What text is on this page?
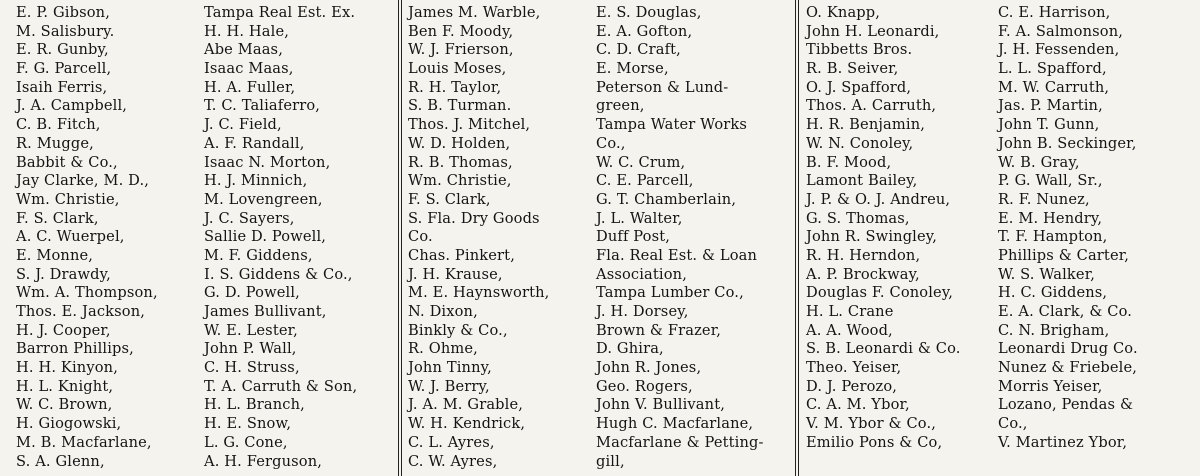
E. P. Gibson,
M. Salisbury.
E. R. Gunby,
F. G. Parcell,
Isaih Ferris,
J. A. Campbell,
C. B. Fitch,
R. Mugge,
Babbit & Co.,
Jay Clarke, M. D.,
Wm. Christie,
F. S. Clark,
A. C. Wuerpel,
E. Monne,
S. J. Drawdy,
Wm. A. Thompson,
Thos. E. Jackson,
H. J. Cooper,
Barron Phillips,
H. H. Kinyon,
H. L. Knight,
W. C. Brown,
H. Giogowski,
M. B. Macfarlane,
S. A. Glenn,
Tampa Real Est. Ex.
H. H. Hale,
Abe Maas,
Isaac Maas,
H. A. Fuller,
T. C. Taliaferro,
J. C. Field,
A. F. Randall,
Isaac N. Morton,
H. J. Minnich,
M. Lovengreen,
J. C. Sayers,
Sallie D. Powell,
M. F. Giddens,
I. S. Giddens & Co.,
G. D. Powell,
James Bullivant,
W. E. Lester,
John P. Wall,
C. H. Struss,
T. A. Carruth & Son,
H. L. Branch,
H. E. Snow,
L. G. Cone,
A. H. Ferguson,
James M. Warble,
Ben F. Moody,
W. J. Frierson,
Louis Moses,
R. H. Taylor,
S. B. Turman.
Thos. J. Mitchel,
W. D. Holden,
R. B. Thomas,
Wm. Christie,
F. S. Clark,
S. Fla. Dry Goods
Co.
Chas. Pinkert,
J. H. Krause,
M. E. Haynsworth,
N. Dixon,
Binkly & Co.,
R. Ohme,
John Tinny,
W. J. Berry,
J. A. M. Grable,
W. H. Kendrick,
C. L. Ayres,
C. W. Ayres,
E. S. Douglas,
E. A. Gofton,
C. D. Craft,
E. Morse,
Peterson & Lund-
green,
Tampa Water Works
Co.,
W. C. Crum,
C. E. Parcell,
G. T. Chamberlain,
J. L. Walter,
Duff Post,
Fla. Real Est. & Loan
Association,
Tampa Lumber Co.,
J. H. Dorsey,
Brown & Frazer,
D. Ghira,
John R. Jones,
Geo. Rogers,
John V. Bullivant,
Hugh C. Macfarlane,
Macfarlane & Petting-
gill,
O. Knapp,
John H. Leonardi,
Tibbetts Bros.
R. B. Seiver,
O. J. Spafford,
Thos. A. Carruth,
H. R. Benjamin,
W. N. Conoley,
B. F. Mood,
Lamont Bailey,
J. P. & O. J. Andreu,
G. S. Thomas,
John R. Swingley,
R. H. Herndon,
A. P. Brockway,
Douglas F. Conoley,
H. L. Crane
A. A. Wood,
S. B. Leonardi & Co.
Theo. Yeiser,
D. J. Perozo,
C. A. M. Ybor,
V. M. Ybor & Co.,
Emilio Pons & Co,
C. E. Harrison,
F. A. Salmonson,
J. H. Fessenden,
L. L. Spafford,
M. W. Carruth,
Jas. P. Martin,
John T. Gunn,
John B. Seckinger,
W. B. Gray,
P. G. Wall, Sr.,
R. F. Nunez,
E. M. Hendry,
T. F. Hampton,
Phillips & Carter,
W. S. Walker,
H. C. Giddens,
E. A. Clark, & Co.
C. N. Brigham,
Leonardi Drug Co.
Nunez & Friebele,
Morris Yeiser,
Lozano, Pendas &
Co.,
V. Martinez Ybor,
